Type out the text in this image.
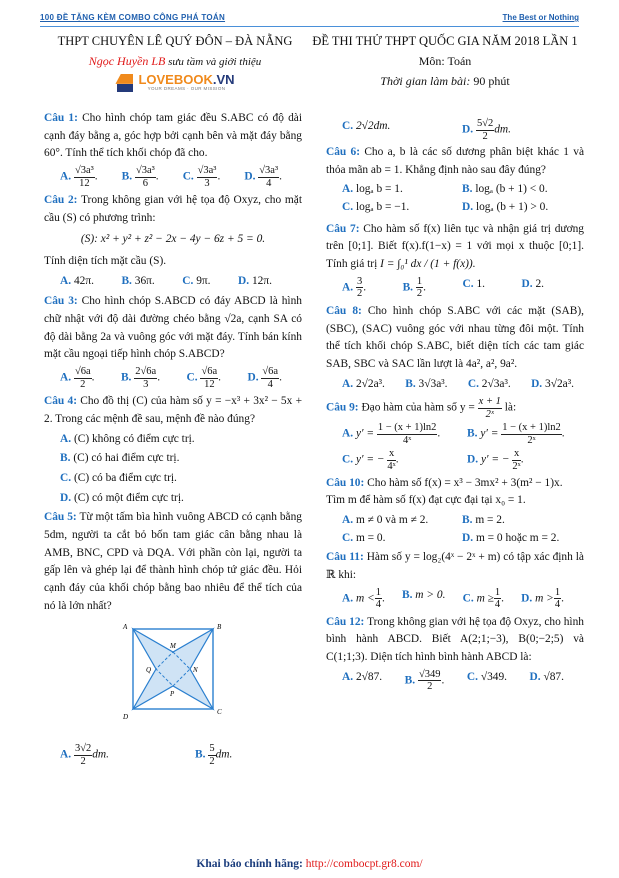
100 ĐỀ TẶNG KÈM COMBO CÔNG PHÁ TOÁN	The Best or Nothing
THPT CHUYÊN LÊ QUÝ ĐÔN – ĐÀ NẴNG
Ngọc Huyền LB sưu tầm và giới thiệu
LOVEBOOK.VN
YOUR DREAMS · OUR MISSION
ĐỀ THI THỬ THPT QUỐC GIA NĂM 2018 LẦN 1
Môn: Toán
Thời gian làm bài: 90 phút
Câu 1: Cho hình chóp tam giác đều S.ABC có độ dài cạnh đáy bằng a, góc hợp bởi cạnh bên và mặt đáy bằng 60°. Tính thể tích khối chóp đã cho.
A. $\frac{\text{√3a³}}{12}$ . B. $\frac{\text{√3a³}}{6}$ . C. $\frac{\text{√3a³}}{3}$ . D. $\frac{\text{√3a³}}{4}$ .
Câu 2: Trong không gian với hệ tọa độ Oxyz, cho mặt cầu (S) có phương trình:
(S): x² + y² + z² − 2x − 4y − 6z + 5 = 0.
Tính diện tích mặt cầu (S).
A. 42π. B. 36π. C. 9π. D. 12π.
Câu 3: Cho hình chóp S.ABCD có đáy ABCD là hình chữ nhật với độ dài đường chéo bằng √2a, cạnh SA có độ dài bằng 2a và vuông góc với mặt đáy. Tính bán kính mặt cầu ngoại tiếp hình chóp S.ABCD?
A. $\frac{√6a}{2}$ . B. $\frac{2√6a}{3}$ . C. $\frac{√6a}{12}$ . D. $\frac{√6a}{4}$ .
Câu 4: Cho đồ thị (C) của hàm số y = −x³ + 3x² − 5x + 2. Trong các mệnh đề sau, mệnh đề nào đúng?
A. (C) không có điểm cực trị.
B. (C) có hai điểm cực trị.
C. (C) có ba điểm cực trị.
D. (C) có một điểm cực trị.
Câu 5: Từ một tấm bìa hình vuông ABCD có cạnh bằng 5dm, người ta cắt bỏ bốn tam giác cân bằng nhau là AMB, BNC, CPD và DQA. Với phần còn lại, người ta gấp lên và ghép lại để thành hình chóp tứ giác đều. Hỏi cạnh đáy của khối chóp bằng bao nhiêu để thể tích của nó là lớn nhất?
A	B
C
D
M
N
P
Q
A. $\frac{3√2}{2}$ dm.	B. $\frac{5}{2}$ dm.
C. 2√2dm.	D. $\frac{5√2}{2}$ dm.
Câu 6: Cho a, b là các số dương phân biệt khác 1 và thỏa mãn ab = 1. Khẳng định nào sau đây đúng?
A. logₐ b = 1.	B. logₐ (b + 1) < 0.
C. logₐ b = −1.	D. logₐ (b + 1) > 0.
Câu 7: Cho hàm số f(x) liên tục và nhận giá trị dương trên [0;1]. Biết f(x).f(1−x) = 1 với mọi x thuộc [0;1]. Tính giá trị I = ∫₀¹ dx / (1 + f(x)).
A. $\frac{3}{2}$ .	B. $\frac{1}{2}$ .	C. 1.	D. 2.
Câu 8: Cho hình chóp S.ABC với các mặt (SAB), (SBC), (SAC) vuông góc với nhau từng đôi một. Tính thể tích khối chóp S.ABC, biết diện tích các tam giác SAB, SBC và SAC lần lượt là 4a², a², 9a².
A. 2√2a³. B. 3√3a³. C. 2√3a³. D. 3√2a³.
Câu 9: Đạo hàm của hàm số $y = \frac{x + 1}{\text{2ˣ}}$ là:
A. $y' = \frac{1 - (x + 1)\ln 2}{\text{4ˣ}}$ .	B. $y' = \frac{1 - (x + 1)\ln 2}{\text{2ˣ}}$ .
C. y′ = − $\frac{x}{\text{4ˣ}}$ .	D. y′ = − $\frac{x}{\text{2ˣ}}$ .
Câu 10: Cho hàm số f(x) = x³ − 3mx² + 3(m² − 1)x.
Tìm m để hàm số f(x) đạt cực đại tại x₀ = 1.
A. m ≠ 0 và m ≠ 2.	B. m = 2.
C. m = 0.	D. m = 0 hoặc m = 2.
Câu 11: Hàm số y = log₂(4ˣ − 2ˣ + m) có tập xác định là ℝ khi:
A. $m < \frac{1}{4}$ . B. m > 0. C. $m \ge \frac{1}{4}$ . D. $m > \frac{1}{4}$ .
Câu 12: Trong không gian với hệ tọa độ Oxyz, cho hình bình hành ABCD. Biết A(2;1;−3), B(0;−2;5) và C(1;1;3). Diện tích hình bình hành ABCD là:
A. 2√87. B. $\frac{√349}{2}$ . C. √349. D. √87.
Khai báo chính hãng: http://combocpt.gr8.com/
